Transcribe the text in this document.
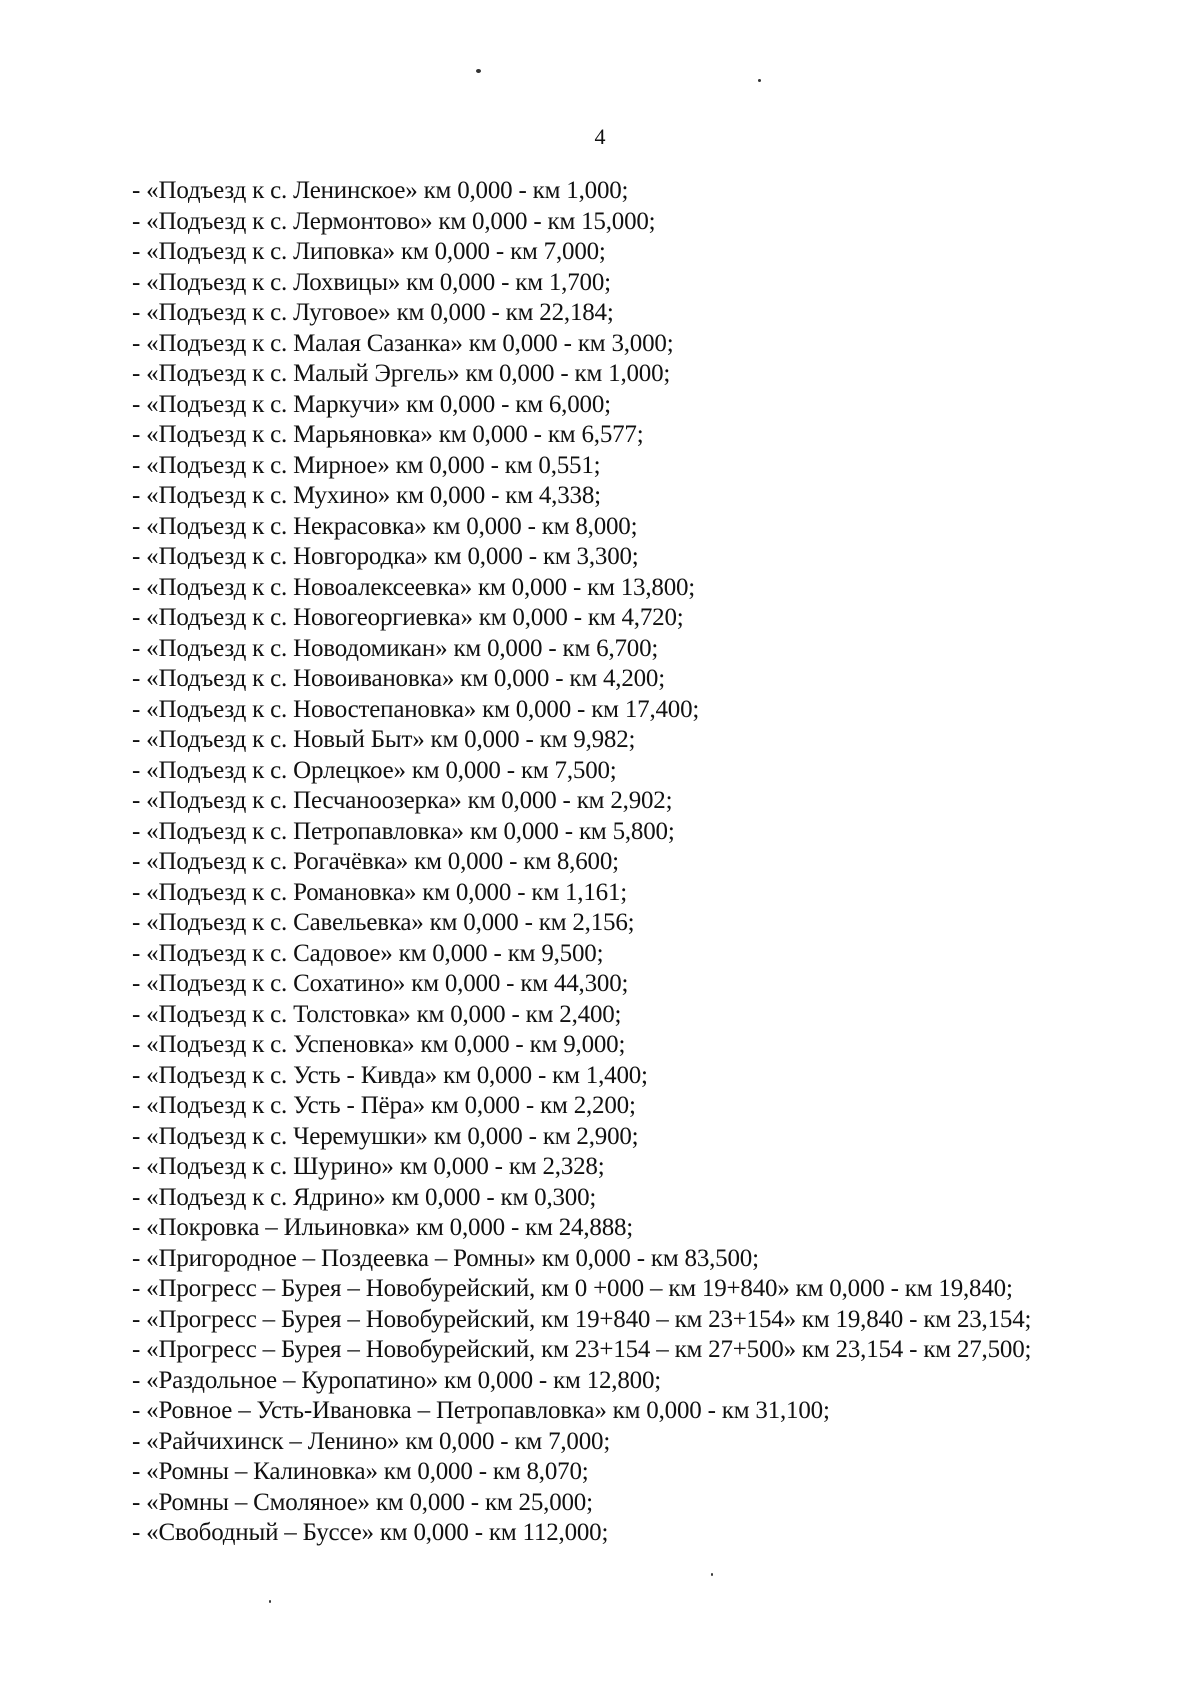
4
- «Подъезд к с. Ленинское» км 0,000 - км 1,000;
- «Подъезд к с. Лермонтово» км 0,000 - км 15,000;
- «Подъезд к с. Липовка» км 0,000 - км 7,000;
- «Подъезд к с. Лохвицы» км 0,000 - км 1,700;
- «Подъезд к с. Луговое» км 0,000 - км 22,184;
- «Подъезд к с. Малая Сазанка» км 0,000 - км 3,000;
- «Подъезд к с. Малый Эргель» км 0,000 - км 1,000;
- «Подъезд к с. Маркучи» км 0,000 - км 6,000;
- «Подъезд к с. Марьяновка» км 0,000 - км 6,577;
- «Подъезд к с. Мирное» км 0,000 - км 0,551;
- «Подъезд к с. Мухино» км 0,000 - км 4,338;
- «Подъезд к с. Некрасовка» км 0,000 - км 8,000;
- «Подъезд к с. Новгородка» км 0,000 - км 3,300;
- «Подъезд к с. Новоалексеевка» км 0,000 - км 13,800;
- «Подъезд к с. Новогеоргиевка» км 0,000 - км 4,720;
- «Подъезд к с. Новодомикан» км 0,000 - км 6,700;
- «Подъезд к с. Новоивановка» км 0,000 - км 4,200;
- «Подъезд к с. Новостепановка» км 0,000 - км 17,400;
- «Подъезд к с. Новый Быт» км 0,000 - км 9,982;
- «Подъезд к с. Орлецкое» км 0,000 - км 7,500;
- «Подъезд к с. Песчаноозерка» км 0,000 - км 2,902;
- «Подъезд к с. Петропавловка» км 0,000 - км 5,800;
- «Подъезд к с. Рогачёвка» км 0,000 - км 8,600;
- «Подъезд к с. Романовка» км 0,000 - км 1,161;
- «Подъезд к с. Савельевка» км 0,000 - км 2,156;
- «Подъезд к с. Садовое» км 0,000 - км 9,500;
- «Подъезд к с. Сохатино» км 0,000 - км 44,300;
- «Подъезд к с. Толстовка» км 0,000 - км 2,400;
- «Подъезд к с. Успеновка» км 0,000 - км 9,000;
- «Подъезд к с. Усть - Кивда» км 0,000 - км 1,400;
- «Подъезд к с. Усть - Пёра» км 0,000 - км 2,200;
- «Подъезд к с. Черемушки» км 0,000 - км 2,900;
- «Подъезд к с. Шурино» км 0,000 - км 2,328;
- «Подъезд к с. Ядрино» км 0,000 - км 0,300;
- «Покровка – Ильиновка» км 0,000 - км 24,888;
- «Пригородное – Поздеевка – Ромны» км 0,000 - км 83,500;
- «Прогресс – Бурея – Новобурейский, км 0 +000 – км 19+840» км 0,000 - км 19,840;
- «Прогресс – Бурея – Новобурейский, км 19+840 – км 23+154» км 19,840 - км 23,154;
- «Прогресс – Бурея – Новобурейский, км 23+154 – км 27+500» км 23,154 - км 27,500;
- «Раздольное – Куропатино» км 0,000 - км 12,800;
- «Ровное – Усть-Ивановка – Петропавловка» км 0,000 - км 31,100;
- «Райчихинск – Ленино» км 0,000 - км 7,000;
- «Ромны – Калиновка» км 0,000 - км 8,070;
- «Ромны – Смоляное» км 0,000 - км 25,000;
- «Свободный – Буссе» км 0,000 - км 112,000;
